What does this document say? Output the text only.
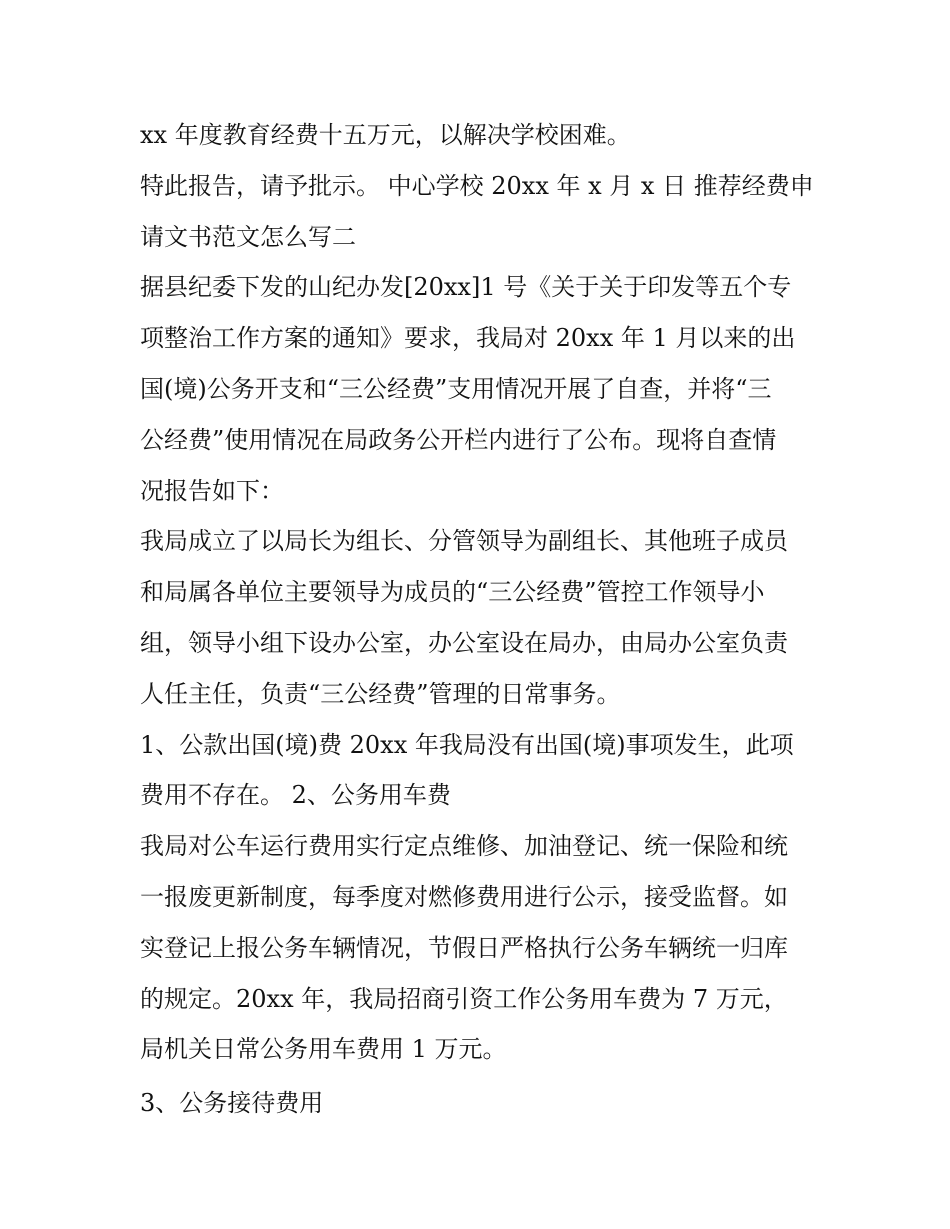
xx 年度教育经费十五万元，以解决学校困难。

特此报告，请予批示。 中心学校 20xx 年 x 月 x 日 推荐经费申

请文书范文怎么写二

据县纪委下发的山纪办发[20xx]1 号《关于关于印发等五个专

项整治工作方案的通知》要求，我局对 20xx 年 1 月以来的出

国(境)公务开支和“三公经费”支用情况开展了自查，并将“三

公经费”使用情况在局政务公开栏内进行了公布。现将自查情

况报告如下：

我局成立了以局长为组长、分管领导为副组长、其他班子成员

和局属各单位主要领导为成员的“三公经费”管控工作领导小

组，领导小组下设办公室，办公室设在局办，由局办公室负责

人任主任，负责“三公经费”管理的日常事务。

1、公款出国(境)费 20xx 年我局没有出国(境)事项发生，此项

费用不存在。 2、公务用车费

我局对公车运行费用实行定点维修、加油登记、统一保险和统

一报废更新制度，每季度对燃修费用进行公示，接受监督。如

实登记上报公务车辆情况，节假日严格执行公务车辆统一归库

的规定。20xx 年，我局招商引资工作公务用车费为 7 万元，

局机关日常公务用车费用 1 万元。

3、公务接待费用
